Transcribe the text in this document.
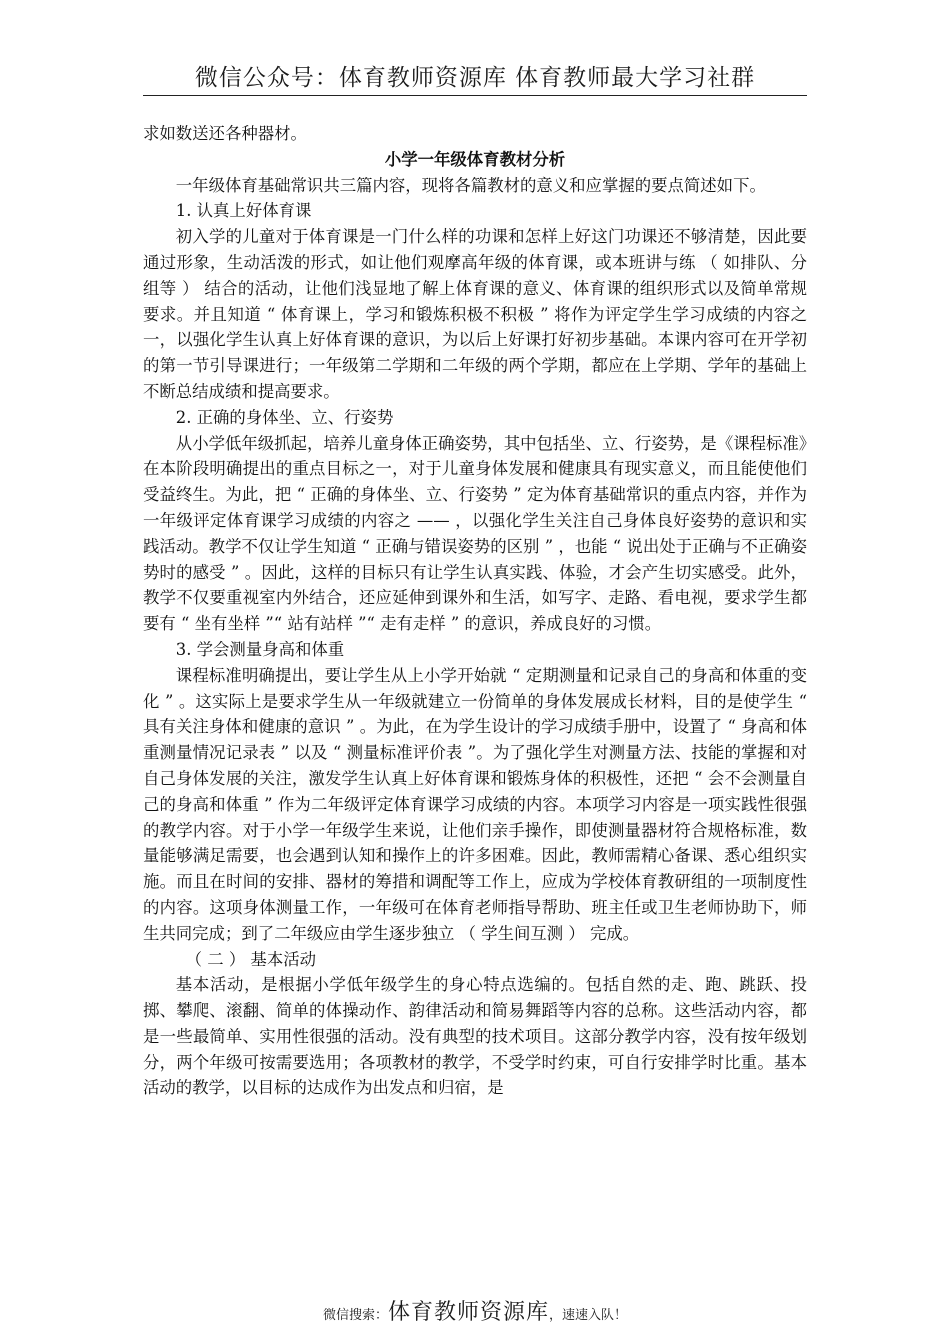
微信公众号：体育教师资源库 体育教师最大学习社群

求如数送还各种器材。

小学一年级体育教材分析

一年级体育基础常识共三篇内容，现将各篇教材的意义和应掌握的要点简述如下。

1. 认真上好体育课

初入学的儿童对于体育课是一门什么样的功课和怎样上好这门功课还不够清楚，因此要通过形象，生动活泼的形式，如让他们观摩高年级的体育课，或本班讲与练 （ 如排队、分组等 ） 结合的活动，让他们浅显地了解上体育课的意义、体育课的组织形式以及简单常规要求。并且知道 “ 体育课上，学习和锻炼积极不积极 ” 将作为评定学生学习成绩的内容之一，以强化学生认真上好体育课的意识，为以后上好课打好初步基础。本课内容可在开学初的第一节引导课进行；一年级第二学期和二年级的两个学期，都应在上学期、学年的基础上不断总结成绩和提高要求。

2. 正确的身体坐、立、行姿势

从小学低年级抓起，培养儿童身体正确姿势，其中包括坐、立、行姿势，是《课程标准》在本阶段明确提出的重点目标之一，对于儿童身体发展和健康具有现实意义，而且能使他们受益终生。为此，把 “ 正确的身体坐、立、行姿势 ” 定为体育基础常识的重点内容，并作为一年级评定体育课学习成绩的内容之 —— ，以强化学生关注自己身体良好姿势的意识和实践活动。教学不仅让学生知道 “ 正确与错误姿势的区别 ” ，也能 “ 说出处于正确与不正确姿势时的感受 ” 。因此，这样的目标只有让学生认真实践、体验，才会产生切实感受。此外，教学不仅要重视室内外结合，还应延伸到课外和生活，如写字、走路、看电视，要求学生都要有 “ 坐有坐样 ”“ 站有站样 ”“ 走有走样 ” 的意识，养成良好的习惯。

3. 学会测量身高和体重

课程标准明确提出，要让学生从上小学开始就 “ 定期测量和记录自己的身高和体重的变化 ” 。这实际上是要求学生从一年级就建立一份简单的身体发展成长材料，目的是使学生 “ 具有关注身体和健康的意识 ” 。为此，在为学生设计的学习成绩手册中，设置了 “ 身高和体重测量情况记录表 ” 以及 “ 测量标准评价表 ”。为了强化学生对测量方法、技能的掌握和对自己身体发展的关注，激发学生认真上好体育课和锻炼身体的积极性，还把 “ 会不会测量自己的身高和体重 ” 作为二年级评定体育课学习成绩的内容。本项学习内容是一项实践性很强的教学内容。对于小学一年级学生来说，让他们亲手操作，即使测量器材符合规格标准，数量能够满足需要，也会遇到认知和操作上的许多困难。因此，教师需精心备课、悉心组织实施。而且在时间的安排、器材的筹措和调配等工作上，应成为学校体育教研组的一项制度性的内容。这项身体测量工作，一年级可在体育老师指导帮助、班主任或卫生老师协助下，师生共同完成；到了二年级应由学生逐步独立 （ 学生间互测 ） 完成。

（ 二 ） 基本活动

基本活动，是根据小学低年级学生的身心特点选编的。包括自然的走、跑、跳跃、投掷、攀爬、滚翻、简单的体操动作、韵律活动和简易舞蹈等内容的总称。这些活动内容，都是一些最简单、实用性很强的活动。没有典型的技术项目。这部分教学内容，没有按年级划分，两个年级可按需要选用；各项教材的教学，不受学时约束，可自行安排学时比重。基本活动的教学，以目标的达成作为出发点和归宿，是

微信搜索：体育教师资源库，速速入队！
